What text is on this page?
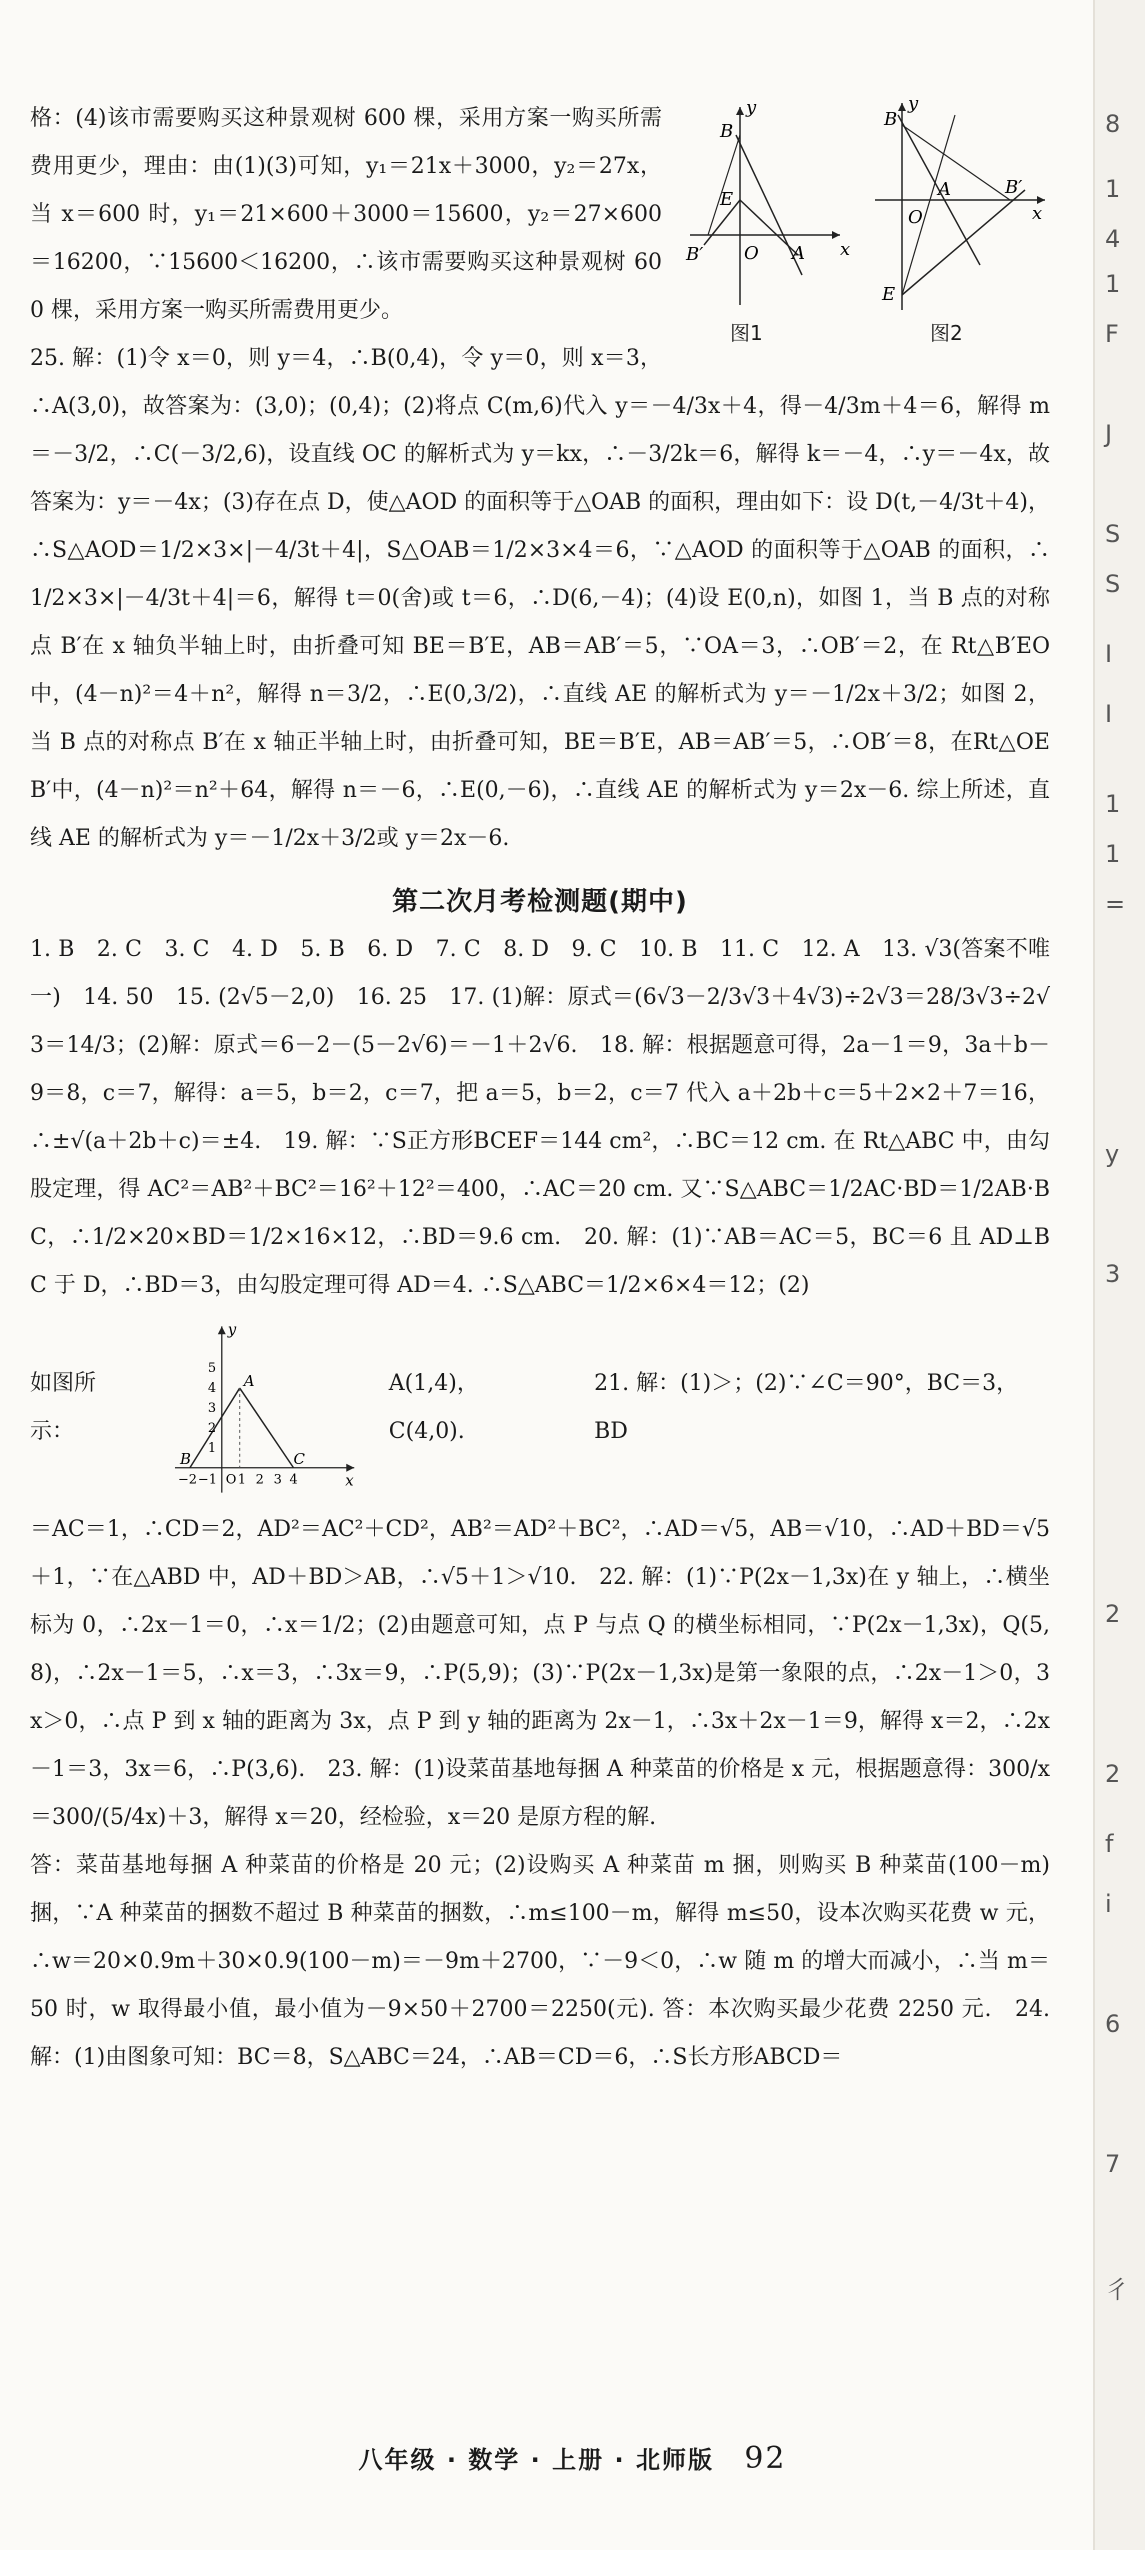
y
B
E
B′ O A x
y
B
O
A	B′
x
E
图1	图2

格：(4)该市需要购买这种景观树 600 棵，采用方案一购买所需费用更少，理由：由(1)(3)可知，y₁＝21x＋3000，y₂＝27x，当 x＝600 时，y₁＝21×600＋3000＝15600，y₂＝27×600＝16200，∵15600＜16200，∴该市需要购买这种景观树 600 棵，采用方案一购买所需费用更少。

25. 解：(1)令 x＝0，则 y＝4，∴B(0,4)，令 y＝0，则 x＝3，∴A(3,0)，故答案为：(3,0)；(0,4)；(2)将点 C(m,6)代入 y＝－4/3x＋4，得－4/3m＋4＝6，解得 m＝－3/2，∴C(－3/2,6)，设直线 OC 的解析式为 y＝kx，∴－3/2k＝6，解得 k＝－4，∴y＝－4x，故答案为：y＝－4x；(3)存在点 D，使△AOD 的面积等于△OAB 的面积，理由如下：设 D(t,－4/3t＋4)，∴S△AOD＝1/2×3×|－4/3t＋4|，S△OAB＝1/2×3×4＝6，∵△AOD 的面积等于△OAB 的面积，∴1/2×3×|－4/3t＋4|＝6，解得 t＝0(舍)或 t＝6，∴D(6,－4)；(4)设 E(0,n)，如图 1，当 B 点的对称点 B′在 x 轴负半轴上时，由折叠可知 BE＝B′E，AB＝AB′＝5，∵OA＝3，∴OB′＝2，在 Rt△B′EO 中，(4－n)²＝4＋n²，解得 n＝3/2，∴E(0,3/2)，∴直线 AE 的解析式为 y＝－1/2x＋3/2；如图 2，当 B 点的对称点 B′在 x 轴正半轴上时，由折叠可知，BE＝B′E，AB＝AB′＝5，∴OB′＝8，在Rt△OEB′中，(4－n)²＝n²＋64，解得 n＝－6，∴E(0,－6)，∴直线 AE 的解析式为 y＝2x－6. 综上所述，直线 AE 的解析式为 y＝－1/2x＋3/2或 y＝2x－6.

第二次月考检测题(期中)

1. B　2. C　3. C　4. D　5. B　6. D　7. C　8. D　9. C　10. B　11. C　12. A　13. √3(答案不唯一)　14. 50　15. (2√5－2,0)　16. 25　17. (1)解：原式＝(6√3－2/3√3＋4√3)÷2√3＝28/3√3÷2√3＝14/3；(2)解：原式＝6－2－(5－2√6)＝－1＋2√6.　18. 解：根据题意可得，2a－1＝9，3a＋b－9＝8，c＝7，解得：a＝5，b＝2，c＝7，把 a＝5，b＝2，c＝7 代入 a＋2b＋c＝5＋2×2＋7＝16，∴±√(a＋2b＋c)＝±4.　19. 解：∵S正方形BCEF＝144 cm²，∴BC＝12 cm. 在 Rt△ABC 中，由勾股定理，得 AC²＝AB²＋BC²＝16²＋12²＝400，∴AC＝20 cm. 又∵S△ABC＝1/2AC·BD＝1/2AB·BC，∴1/2×20×BD＝1/2×16×12，∴BD＝9.6 cm.　20. 解：(1)∵AB＝AC＝5，BC＝6 且 AD⊥BC 于 D，∴BD＝3，由勾股定理可得 AD＝4. ∴S△ABC＝1/2×6×4＝12；(2)

如图所示：
y
A
B	C
x
O
5
4
3
2
1
−2 −1 1 2 3 4
A(1,4)，C(4,0).
21. 解：(1)＞；(2)∵∠C＝90°，BC＝3，BD

＝AC＝1，∴CD＝2，AD²＝AC²＋CD²，AB²＝AD²＋BC²，∴AD＝√5，AB＝√10，∴AD＋BD＝√5＋1，∵在△ABD 中，AD＋BD＞AB，∴√5＋1＞√10.　22. 解：(1)∵P(2x－1,3x)在 y 轴上，∴横坐标为 0，∴2x－1＝0，∴x＝1/2；(2)由题意可知，点 P 与点 Q 的横坐标相同，∵P(2x－1,3x)，Q(5,8)，∴2x－1＝5，∴x＝3，∴3x＝9，∴P(5,9)；(3)∵P(2x－1,3x)是第一象限的点，∴2x－1＞0，3x＞0，∴点 P 到 x 轴的距离为 3x，点 P 到 y 轴的距离为 2x－1，∴3x＋2x－1＝9，解得 x＝2，∴2x－1＝3，3x＝6，∴P(3,6).　23. 解：(1)设菜苗基地每捆 A 种菜苗的价格是 x 元，根据题意得：300/x＝300/(5/4x)＋3，解得 x＝20，经检验，x＝20 是原方程的解.

答：菜苗基地每捆 A 种菜苗的价格是 20 元；(2)设购买 A 种菜苗 m 捆，则购买 B 种菜苗(100－m)捆，∵A 种菜苗的捆数不超过 B 种菜苗的捆数，∴m≤100－m，解得 m≤50，设本次购买花费 w 元，∴w＝20×0.9m＋30×0.9(100－m)＝－9m＋2700，∵－9＜0，∴w 随 m 的增大而减小，∴当 m＝50 时，w 取得最小值，最小值为－9×50＋2700＝2250(元). 答：本次购买最少花费 2250 元.　24. 解：(1)由图象可知：BC＝8，S△ABC＝24，∴AB＝CD＝6，∴S长方形ABCD＝

8
1
4
1
F
J
S
S
I
I
1
1
=
y
3
2
2
f
i
6
7
彳
八年级 · 数学 · 上册 · 北师版 92
